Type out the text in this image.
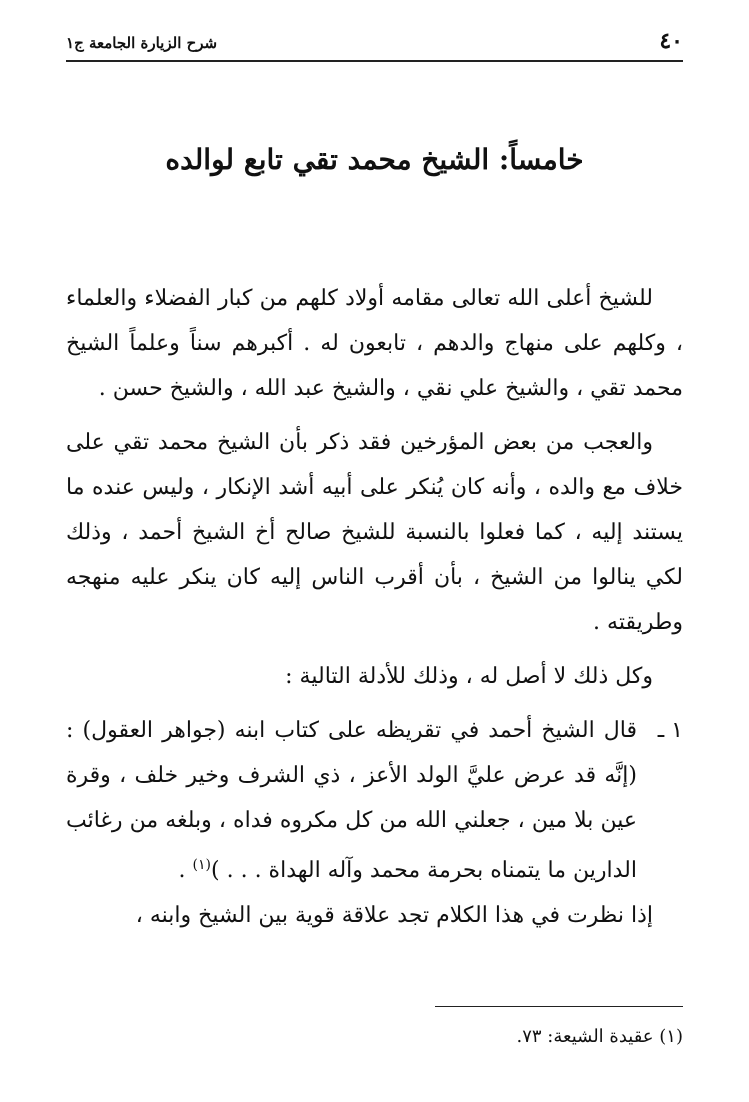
٤٠
شرح الزيارة الجامعة ج١
خامساً: الشيخ محمد تقي تابع لوالده

للشيخ أعلى الله تعالى مقامه أولاد كلهم من كبار الفضلاء والعلماء ، وكلهم على منهاج والدهم ، تابعون له . أكبرهم سناً وعلماً الشيخ محمد تقي ، والشيخ علي نقي ، والشيخ عبد الله ، والشيخ حسن .

والعجب من بعض المؤرخين فقد ذكر بأن الشيخ محمد تقي على خلاف مع والده ، وأنه كان يُنكر على أبيه أشد الإنكار ، وليس عنده ما يستند إليه ، كما فعلوا بالنسبة للشيخ صالح أخ الشيخ أحمد ، وذلك لكي ينالوا من الشيخ ، بأن أقرب الناس إليه كان ينكر عليه منهجه وطريقته .

وكل ذلك لا أصل له ، وذلك للأدلة التالية :

١ ـ
قال الشيخ أحمد في تقريظه على كتاب ابنه (جواهر العقول) : (إنَّه قد عرض عليَّ الولد الأعز ، ذي الشرف وخير خلف ، وقرة عين بلا مين ، جعلني الله من كل مكروه فداه ، وبلغه من رغائب الدارين ما يتمناه بحرمة محمد وآله الهداة . . . )$^{(١)}$ .

إذا نظرت في هذا الكلام تجد علاقة قوية بين الشيخ وابنه ،

(١) عقيدة الشيعة: ٧٣.
